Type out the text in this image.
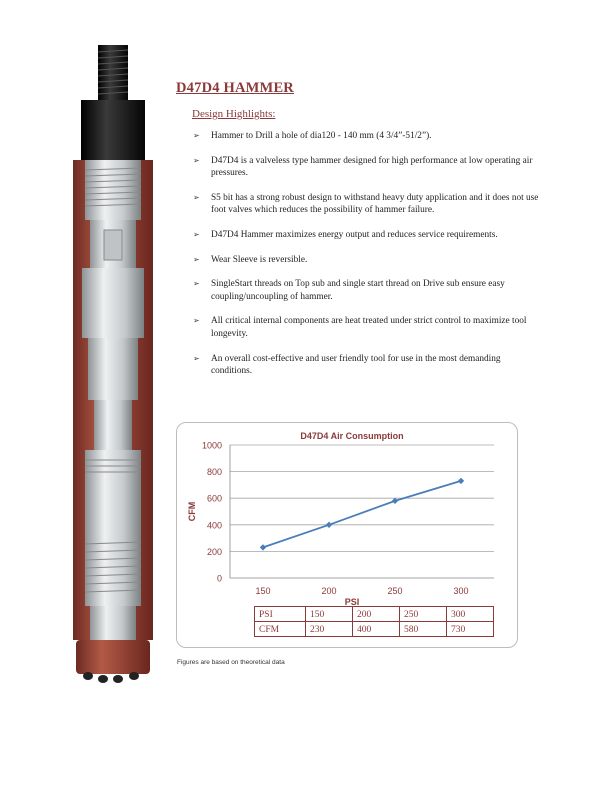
D47D4 HAMMER
Design Highlights:
➢ Hammer to Drill a hole of dia120 - 140 mm (4 3/4”-51/2”).
➢ D47D4 is a valveless type hammer designed for high performance at low operating air pressures.
➢ S5 bit has a strong robust design to withstand heavy duty application and it does not use foot valves which reduces the possibility of hammer failure.
➢ D47D4 Hammer maximizes energy output and reduces service requirements.
➢ Wear Sleeve is reversible.
➢ SingleStart threads on Top sub and single start thread on Drive sub ensure easy coupling/uncoupling of hammer.
➢ All critical internal components are heat treated under strict control to maximize tool longevity.
➢ An overall cost-effective and user friendly tool for use in the most demanding conditions.
0
200
400
600
800
1000
150	200	250	300
D47D4 Air Consumption
PSI
CFM
PSI	150	200	250	300
CFM	230	400	580	730
Figures are based on theoretical data
